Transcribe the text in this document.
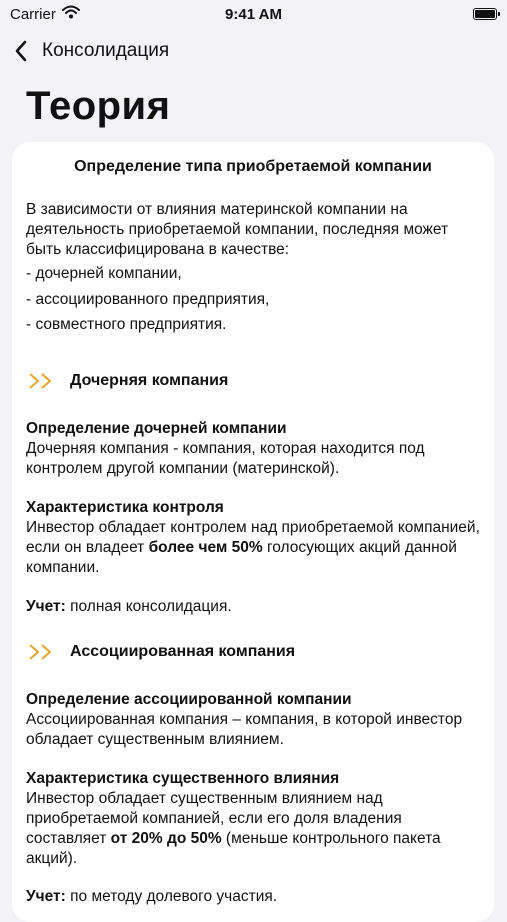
Carrier	9:41 AM
Консолидация
Теория
Определение типа приобретаемой компании
В зависимости от влияния материнской компании на деятельность приобретаемой компании, последняя может быть классифицирована в качестве:
- дочерней компании,
- ассоциированного предприятия,
- совместного предприятия.
Дочерняя компания
Определение дочерней компании
Дочерняя компания - компания, которая находится под контролем другой компании (материнской).
Характеристика контроля
Инвестор обладает контролем над приобретаемой компанией, если он владеет более чем 50% голосующих акций данной компании.
Учет: полная консолидация.
Ассоциированная компания
Определение ассоциированной компании
Ассоциированная компания – компания, в которой инвестор обладает существенным влиянием.
Характеристика существенного влияния
Инвестор обладает существенным влиянием над приобретаемой компанией, если его доля владения составляет от 20% до 50% (меньше контрольного пакета акций).
Учет: по методу долевого участия.
